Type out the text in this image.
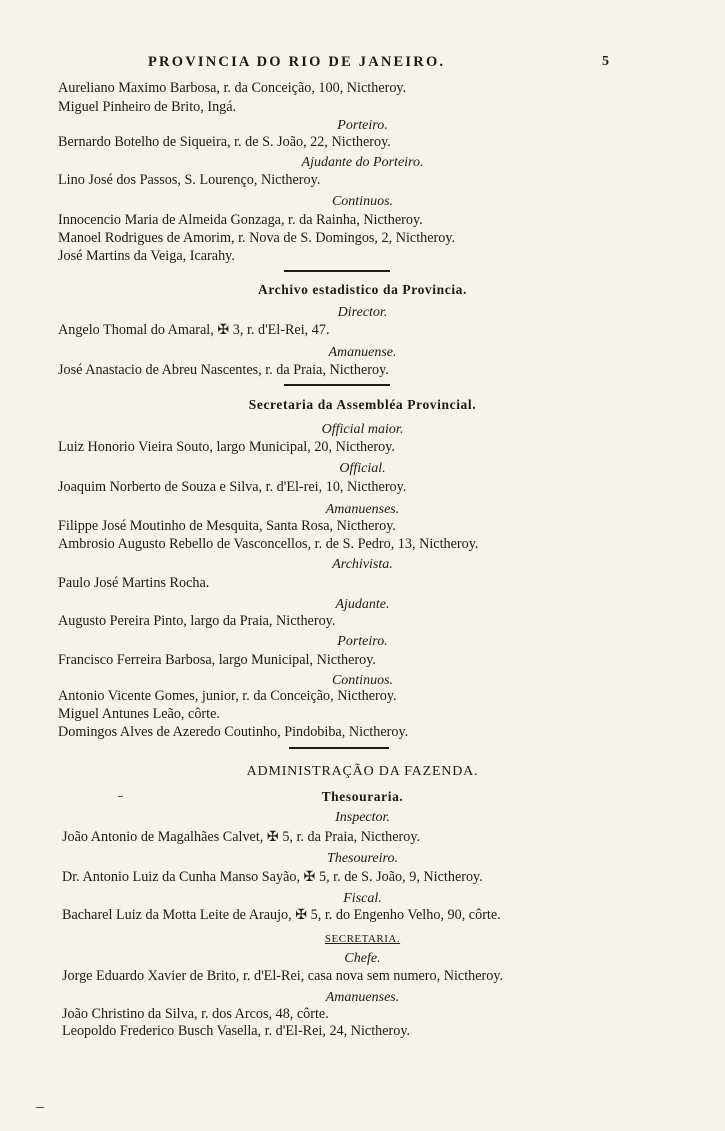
PROVINCIA DO RIO DE JANEIRO.	5
Aureliano Maximo Barbosa, r. da Conceição, 100, Nictheroy.
Miguel Pinheiro de Brito, Ingá.
Porteiro.
Bernardo Botelho de Siqueira, r. de S. João, 22, Nictheroy.
Ajudante do Porteiro.
Lino José dos Passos, S. Lourenço, Nictheroy.
Continuos.
Innocencio Maria de Almeida Gonzaga, r. da Rainha, Nictheroy.
Manoel Rodrigues de Amorim, r. Nova de S. Domingos, 2, Nictheroy.
José Martins da Veiga, Icarahy.
Archivo estadistico da Provincia.
Director.
Angelo Thomal do Amaral, ✠ 3, r. d'El-Rei, 47.
Amanuense.
José Anastacio de Abreu Nascentes, r. da Praia, Nictheroy.
Secretaria da Assembléa Provincial.
Official maior.
Luiz Honorio Vieira Souto, largo Municipal, 20, Nictheroy.
Official.
Joaquim Norberto de Souza e Silva, r. d'El-rei, 10, Nictheroy.
Amanuenses.
Filippe José Moutinho de Mesquita, Santa Rosa, Nictheroy.
Ambrosio Augusto Rebello de Vasconcellos, r. de S. Pedro, 13, Nictheroy.
Archivista.
Paulo José Martins Rocha.
Ajudante.
Augusto Pereira Pinto, largo da Praia, Nictheroy.
Porteiro.
Francisco Ferreira Barbosa, largo Municipal, Nictheroy.
Continuos.
Antonio Vicente Gomes, junior, r. da Conceição, Nictheroy.
Miguel Antunes Leão, côrte.
Domingos Alves de Azeredo Coutinho, Pindobiba, Nictheroy.
ADMINISTRAÇÃO DA FAZENDA.
Thesouraria.
Inspector.
João Antonio de Magalhães Calvet, ✠ 5, r. da Praia, Nictheroy.
Thesoureiro.
Dr. Antonio Luiz da Cunha Manso Sayão, ✠ 5, r. de S. João, 9, Nictheroy.
Fiscal.
Bacharel Luiz da Motta Leite de Araujo, ✠ 5, r. do Engenho Velho, 90, côrte.
SECRETARIA.
Chefe.
Jorge Eduardo Xavier de Brito, r. d'El-Rei, casa nova sem numero, Nictheroy.
Amanuenses.
João Christino da Silva, r. dos Arcos, 48, côrte.
Leopoldo Frederico Busch Vasella, r. d'El-Rei, 24, Nictheroy.
